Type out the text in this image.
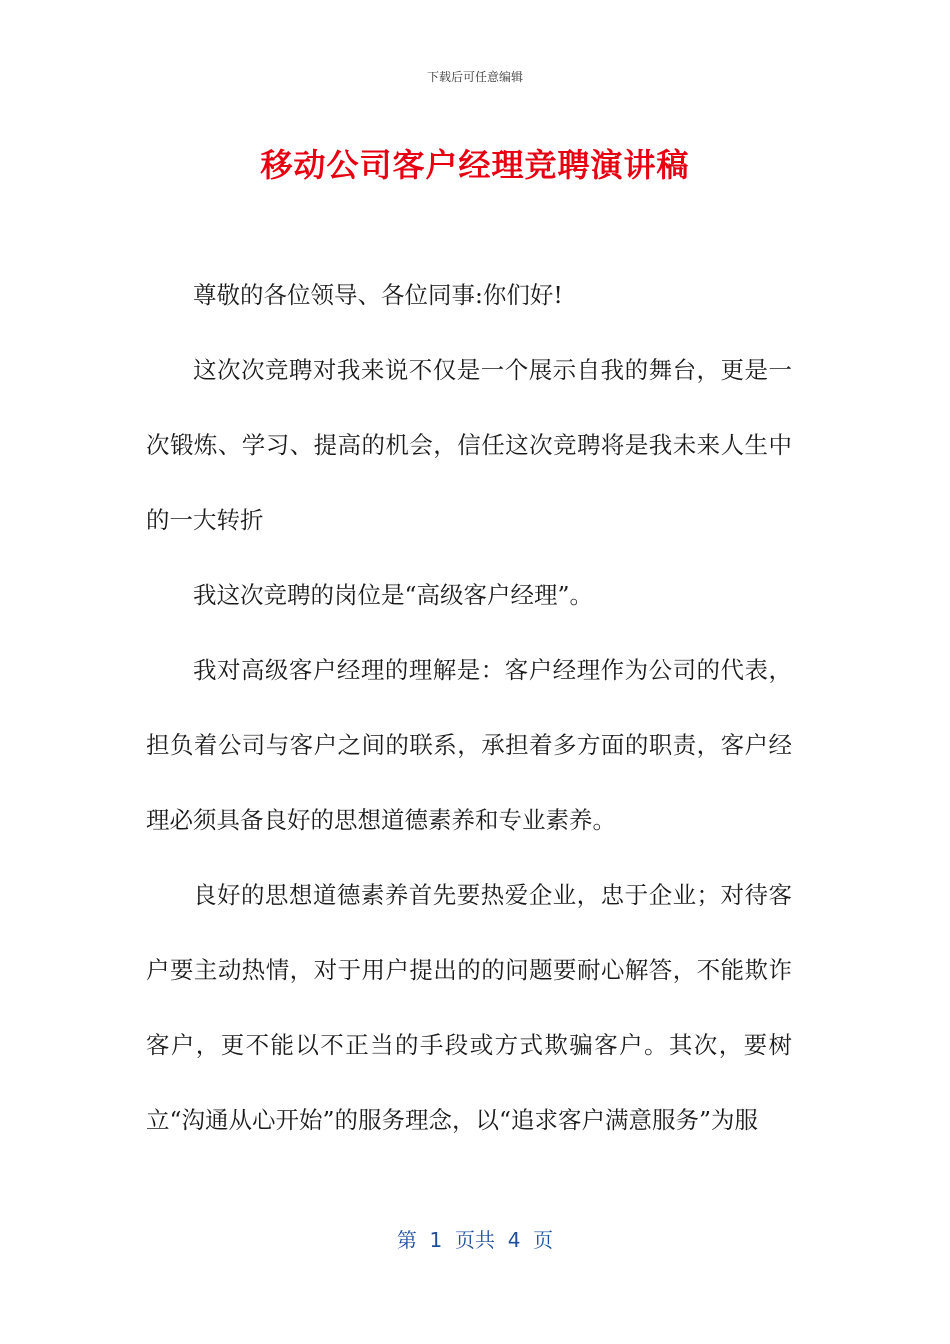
下载后可任意编辑
移动公司客户经理竞聘演讲稿

尊敬的各位领导、各位同事:你们好!

这次次竞聘对我来说不仅是一个展示自我的舞台，更是一次锻炼、学习、提高的机会，信任这次竞聘将是我未来人生中的一大转折

我这次竞聘的岗位是“高级客户经理”。

我对高级客户经理的理解是：客户经理作为公司的代表，担负着公司与客户之间的联系，承担着多方面的职责，客户经理必须具备良好的思想道德素养和专业素养。

良好的思想道德素养首先要热爱企业，忠于企业；对待客户要主动热情，对于用户提出的的问题要耐心解答，不能欺诈客户，更不能以不正当的手段或方式欺骗客户。其次，要树立“沟通从心开始”的服务理念，以“追求客户满意服务”为服

第  1  页共  4  页
